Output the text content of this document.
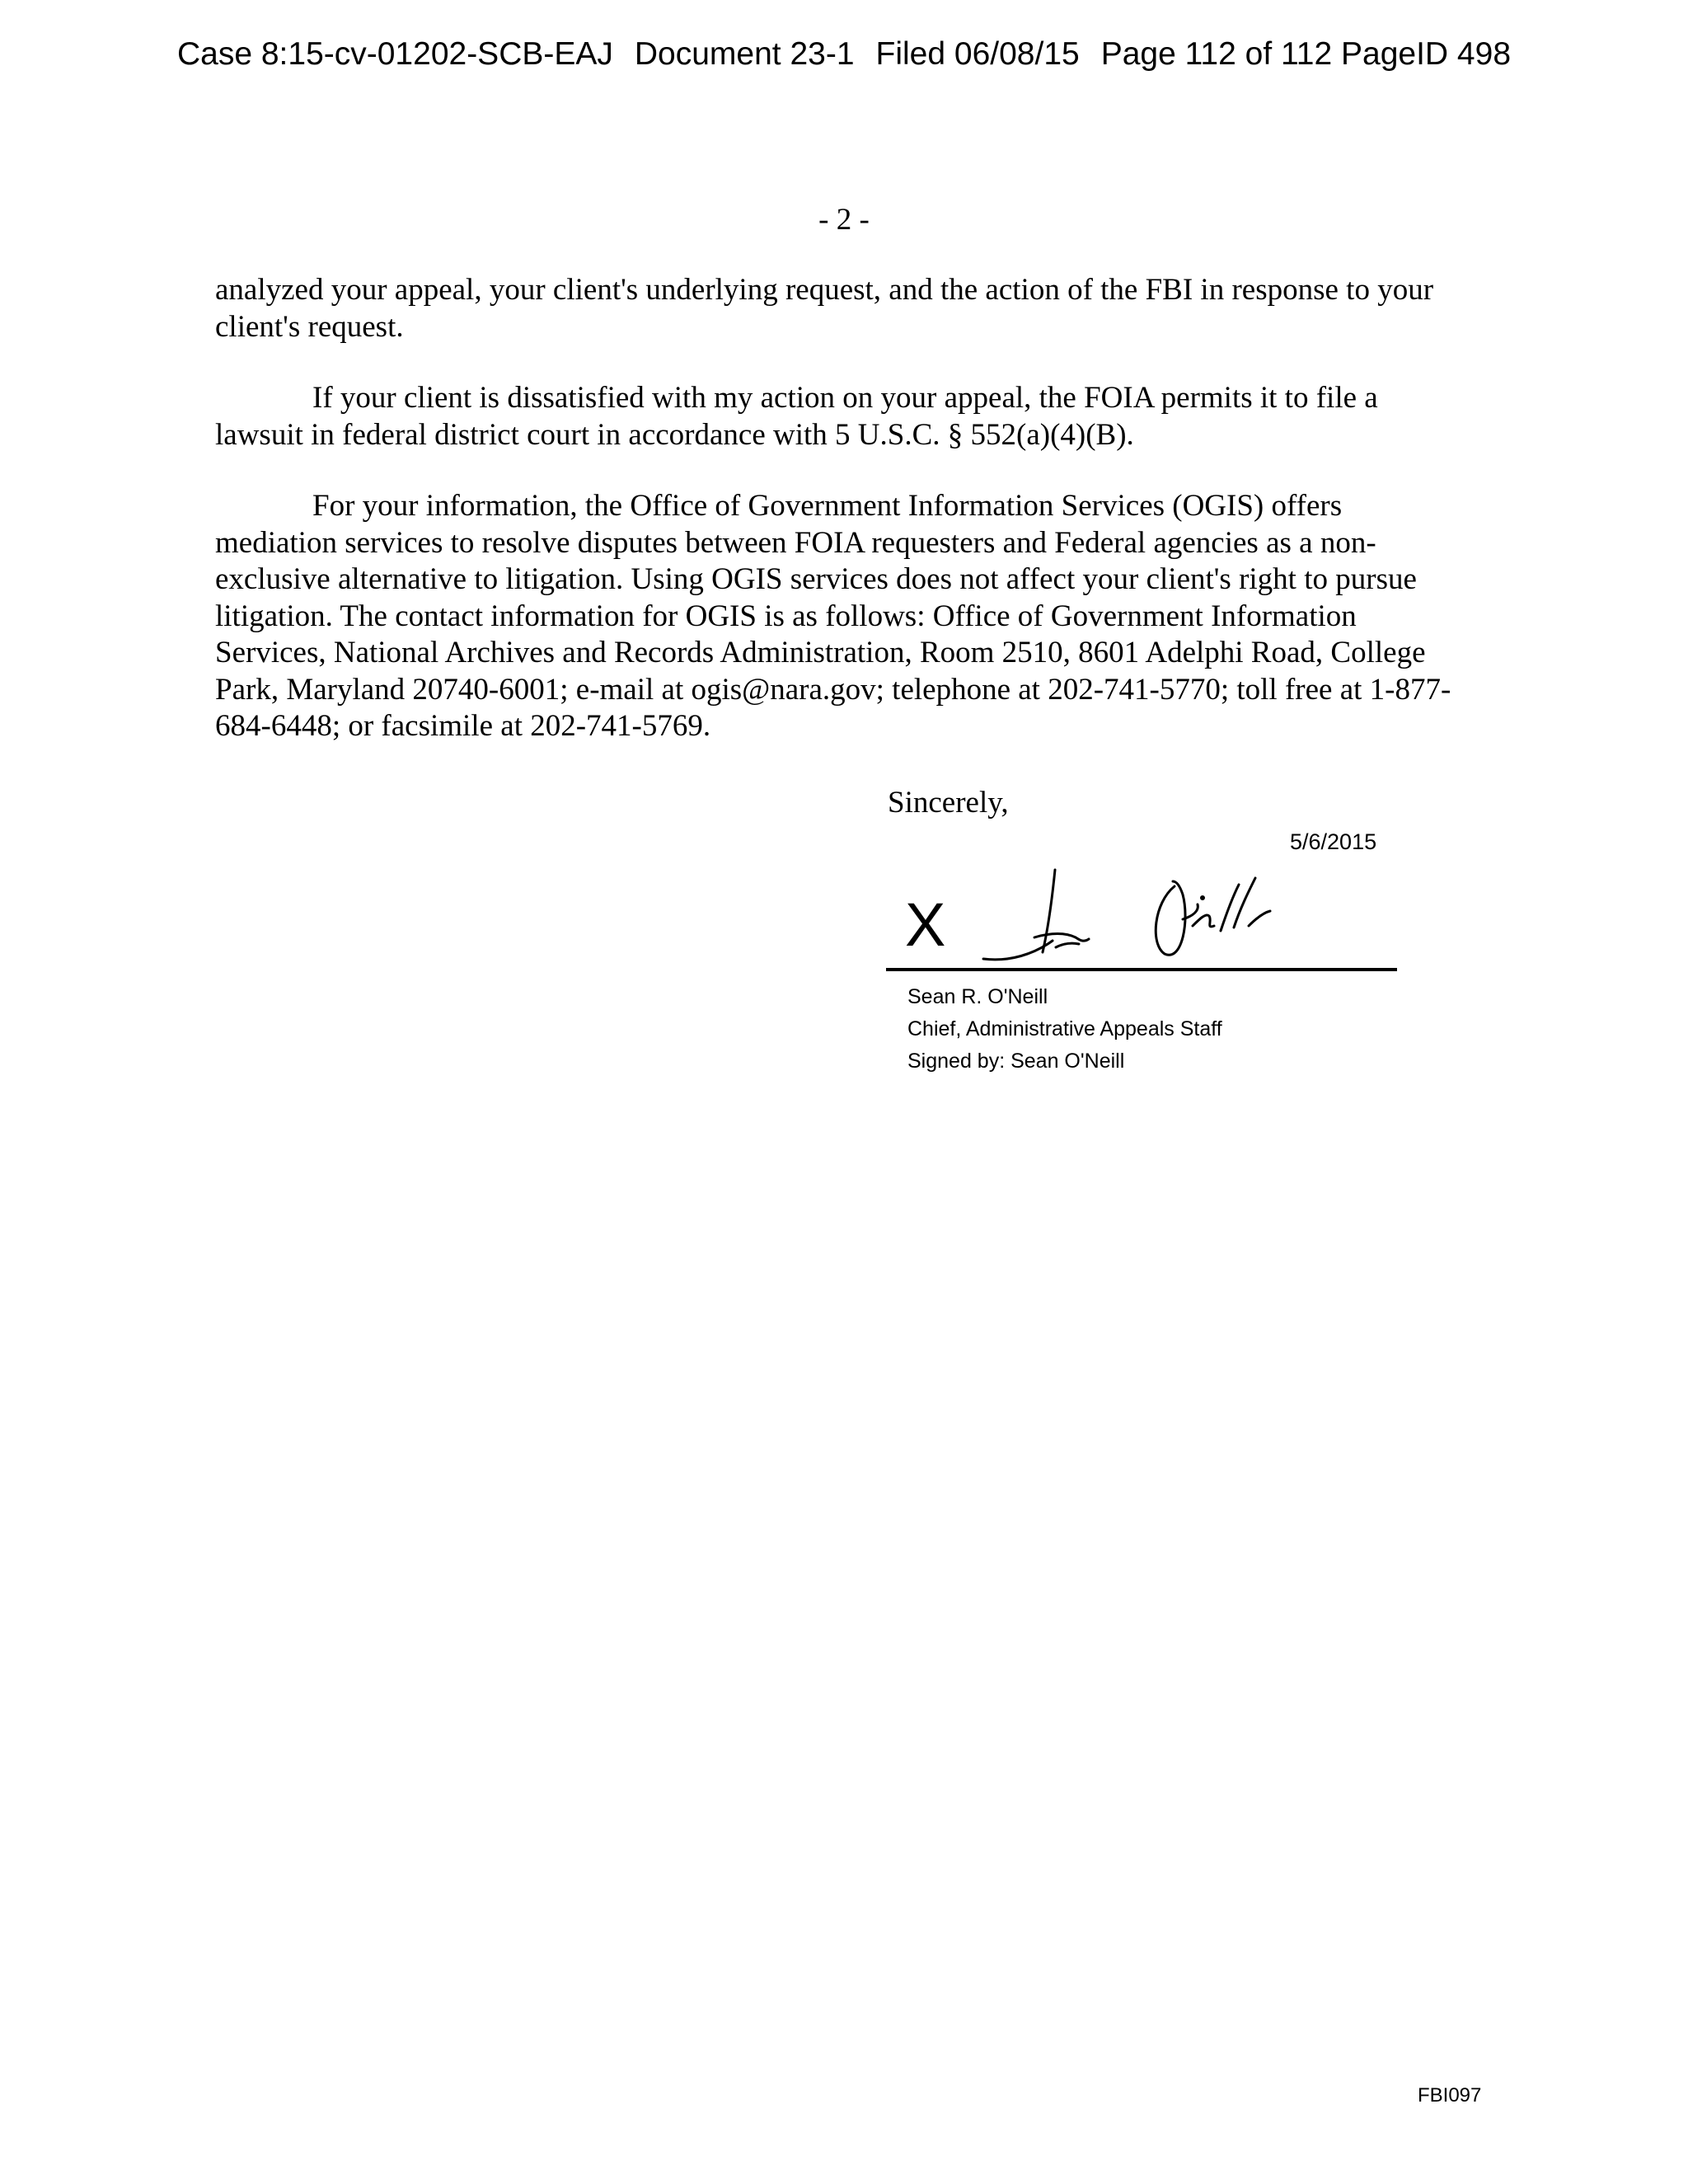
Case 8:15-cv-01202-SCB-EAJ Document 23-1 Filed 06/08/15 Page 112 of 112 PageID 498
- 2 -

analyzed your appeal, your client's underlying request, and the action of the FBI in response to your client's request.

If your client is dissatisfied with my action on your appeal, the FOIA permits it to file a lawsuit in federal district court in accordance with 5 U.S.C. § 552(a)(4)(B).

For your information, the Office of Government Information Services (OGIS) offers mediation services to resolve disputes between FOIA requesters and Federal agencies as a non-exclusive alternative to litigation. Using OGIS services does not affect your client's right to pursue litigation. The contact information for OGIS is as follows: Office of Government Information Services, National Archives and Records Administration, Room 2510, 8601 Adelphi Road, College Park, Maryland 20740-6001; e-mail at ogis@nara.gov; telephone at 202-741-5770; toll free at 1-877-684-6448; or facsimile at 202-741-5769.

Sincerely,
5/6/2015
X
Sean R. O'Neill
Chief, Administrative Appeals Staff
Signed by: Sean O'Neill
FBI097
